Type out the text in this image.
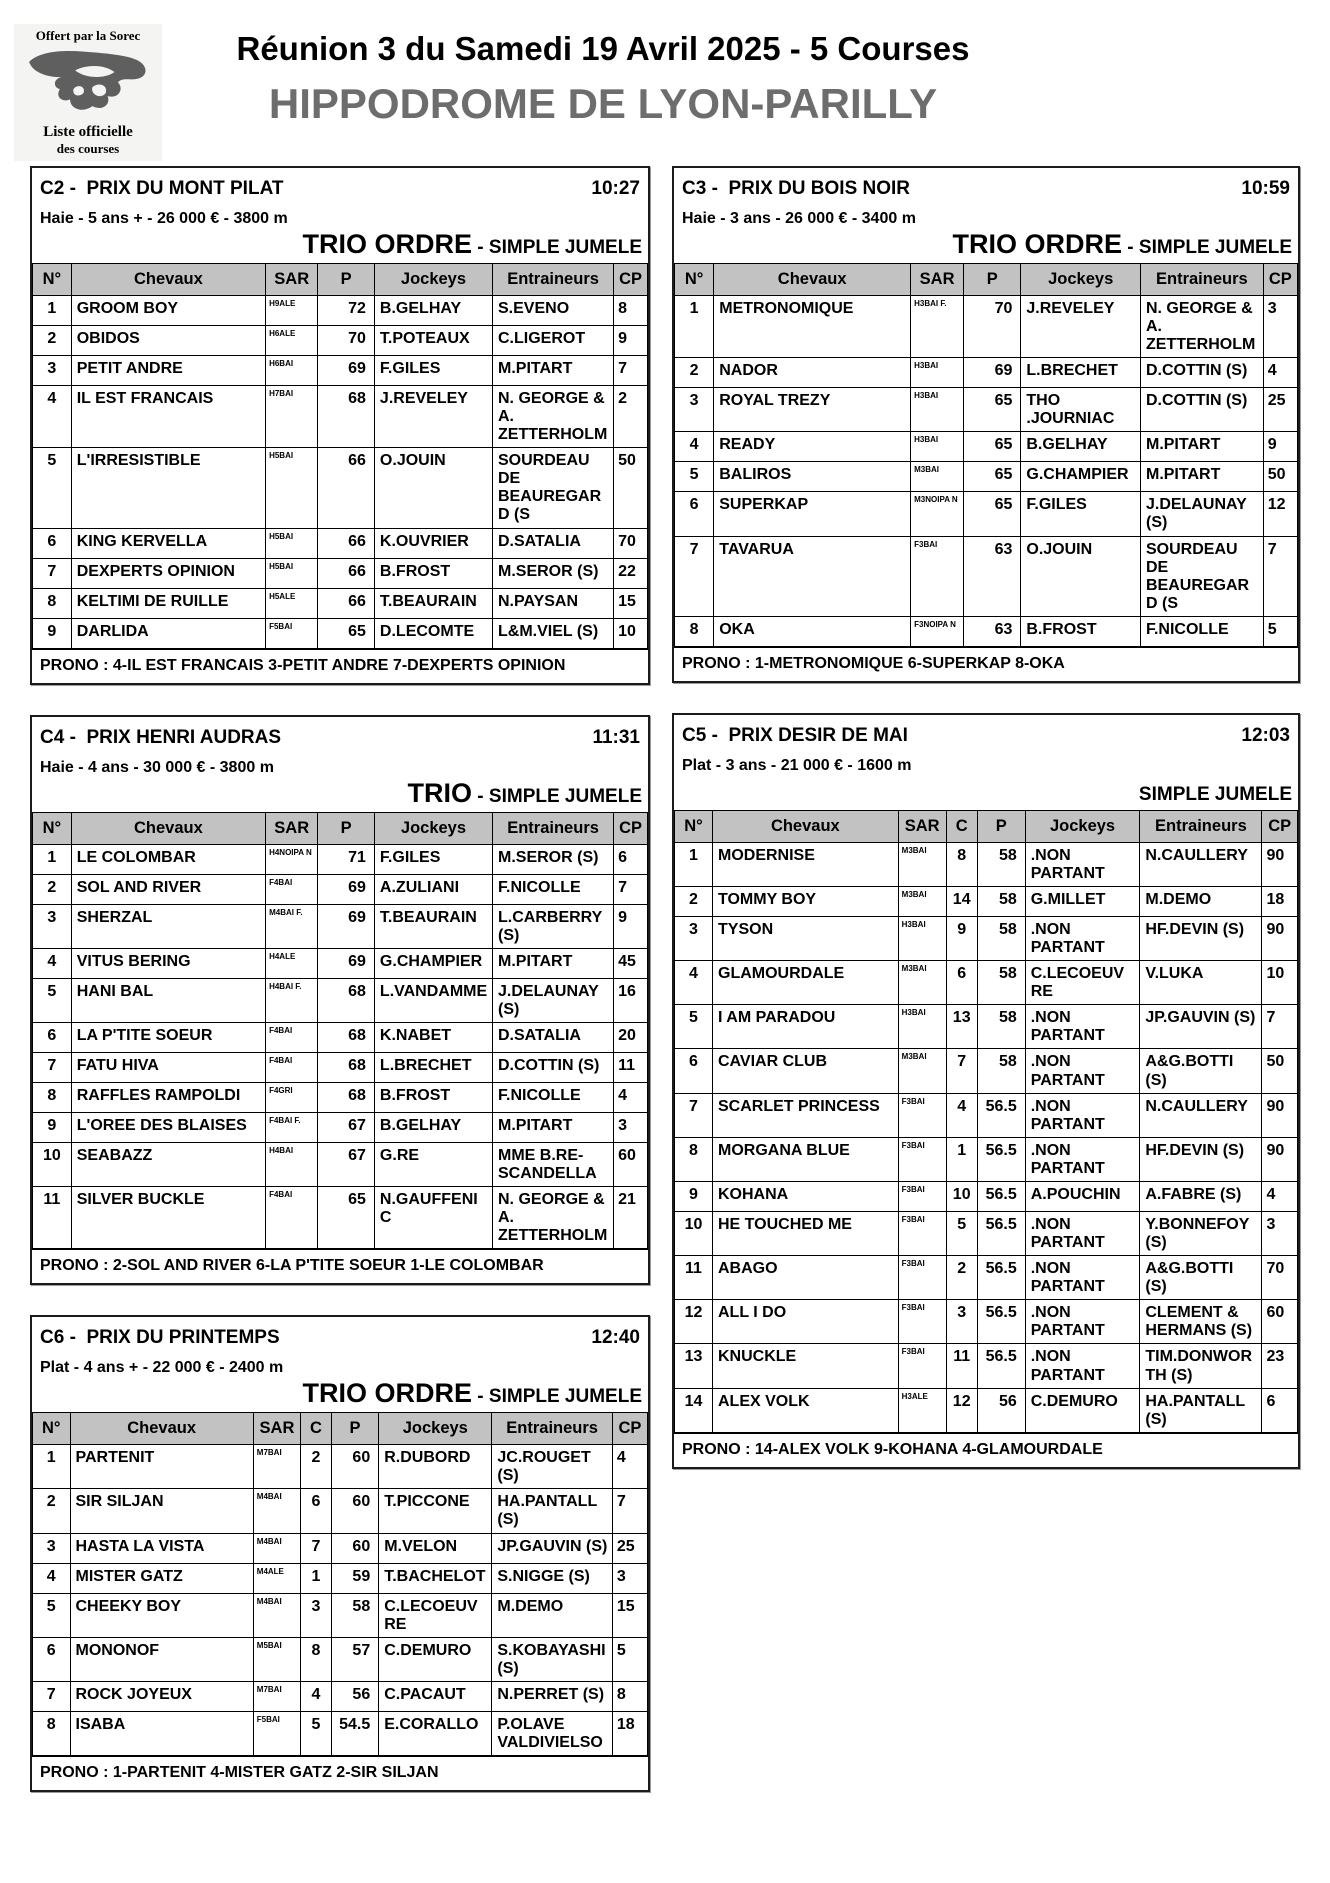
Offert par la Sorec
Liste officielle
des courses
Réunion 3 du Samedi 19 Avril 2025 - 5 Courses
HIPPODROME DE LYON-PARILLY
C2 -  PRIX DU MONT PILAT	10:27
Haie - 5 ans + - 26 000 € - 3800 m
TRIO ORDRE - SIMPLE JUMELE
N°	Chevaux	SAR	P	Jockeys	Entraineurs	CP
1	GROOM BOY	H9ALE	72	B.GELHAY	S.EVENO	8
2	OBIDOS	H6ALE	70	T.POTEAUX	C.LIGEROT	9
3	PETIT ANDRE	H6BAI	69	F.GILES	M.PITART	7
4	IL EST FRANCAIS	H7BAI	68	J.REVELEY	N. GEORGE & A. ZETTERHOLM	2
5	L'IRRESISTIBLE	H5BAI	66	O.JOUIN	SOURDEAU DE BEAUREGARD (S	50
6	KING KERVELLA	H5BAI	66	K.OUVRIER	D.SATALIA	70
7	DEXPERTS OPINION	H5BAI	66	B.FROST	M.SEROR (S)	22
8	KELTIMI DE RUILLE	H5ALE	66	T.BEAURAIN	N.PAYSAN	15
9	DARLIDA	F5BAI	65	D.LECOMTE	L&M.VIEL (S)	10
PRONO : 4-IL EST FRANCAIS 3-PETIT ANDRE 7-DEXPERTS OPINION
C4 -  PRIX HENRI AUDRAS	11:31
Haie - 4 ans - 30 000 € - 3800 m
TRIO - SIMPLE JUMELE
N°	Chevaux	SAR	P	Jockeys	Entraineurs	CP
1	LE COLOMBAR	H4NOIPA N	71	F.GILES	M.SEROR (S)	6
2	SOL AND RIVER	F4BAI	69	A.ZULIANI	F.NICOLLE	7
3	SHERZAL	M4BAI F.	69	T.BEAURAIN	L.CARBERRY (S)	9
4	VITUS BERING	H4ALE	69	G.CHAMPIER	M.PITART	45
5	HANI BAL	H4BAI F.	68	L.VANDAMME	J.DELAUNAY (S)	16
6	LA P'TITE SOEUR	F4BAI	68	K.NABET	D.SATALIA	20
7	FATU HIVA	F4BAI	68	L.BRECHET	D.COTTIN (S)	11
8	RAFFLES RAMPOLDI	F4GRI	68	B.FROST	F.NICOLLE	4
9	L'OREE DES BLAISES	F4BAI F.	67	B.GELHAY	M.PITART	3
10	SEABAZZ	H4BAI	67	G.RE	MME B.RE-SCANDELLA	60
11	SILVER BUCKLE	F4BAI	65	N.GAUFFENIC	N. GEORGE & A. ZETTERHOLM	21
PRONO : 2-SOL AND RIVER 6-LA P'TITE SOEUR 1-LE COLOMBAR
C6 -  PRIX DU PRINTEMPS	12:40
Plat - 4 ans + - 22 000 € - 2400 m
TRIO ORDRE - SIMPLE JUMELE
N°	Chevaux	SAR	C	P	Jockeys	Entraineurs	CP
1	PARTENIT	M7BAI	2	60	R.DUBORD	JC.ROUGET (S)	4
2	SIR SILJAN	M4BAI	6	60	T.PICCONE	HA.PANTALL (S)	7
3	HASTA LA VISTA	M4BAI	7	60	M.VELON	JP.GAUVIN (S)	25
4	MISTER GATZ	M4ALE	1	59	T.BACHELOT	S.NIGGE (S)	3
5	CHEEKY BOY	M4BAI	3	58	C.LECOEUVRE	M.DEMO	15
6	MONONOF	M5BAI	8	57	C.DEMURO	S.KOBAYASHI (S)	5
7	ROCK JOYEUX	M7BAI	4	56	C.PACAUT	N.PERRET (S)	8
8	ISABA	F5BAI	5	54.5	E.CORALLO	P.OLAVE VALDIVIELSO	18
PRONO : 1-PARTENIT 4-MISTER GATZ 2-SIR SILJAN
C3 -  PRIX DU BOIS NOIR	10:59
Haie - 3 ans - 26 000 € - 3400 m
TRIO ORDRE - SIMPLE JUMELE
N°	Chevaux	SAR	P	Jockeys	Entraineurs	CP
1	METRONOMIQUE	H3BAI F.	70	J.REVELEY	N. GEORGE & A. ZETTERHOLM	3
2	NADOR	H3BAI	69	L.BRECHET	D.COTTIN (S)	4
3	ROYAL TREZY	H3BAI	65	THO .JOURNIAC	D.COTTIN (S)	25
4	READY	H3BAI	65	B.GELHAY	M.PITART	9
5	BALIROS	M3BAI	65	G.CHAMPIER	M.PITART	50
6	SUPERKAP	M3NOIPA N	65	F.GILES	J.DELAUNAY (S)	12
7	TAVARUA	F3BAI	63	O.JOUIN	SOURDEAU DE BEAUREGARD (S	7
8	OKA	F3NOIPA N	63	B.FROST	F.NICOLLE	5
PRONO : 1-METRONOMIQUE 6-SUPERKAP 8-OKA
C5 -  PRIX DESIR DE MAI	12:03
Plat - 3 ans - 21 000 € - 1600 m
SIMPLE JUMELE
N°	Chevaux	SAR	C	P	Jockeys	Entraineurs	CP
1	MODERNISE	M3BAI	8	58	.NON PARTANT	N.CAULLERY	90
2	TOMMY BOY	M3BAI	14	58	G.MILLET	M.DEMO	18
3	TYSON	H3BAI	9	58	.NON PARTANT	HF.DEVIN (S)	90
4	GLAMOURDALE	M3BAI	6	58	C.LECOEUVRE	V.LUKA	10
5	I AM PARADOU	H3BAI	13	58	.NON PARTANT	JP.GAUVIN (S)	7
6	CAVIAR CLUB	M3BAI	7	58	.NON PARTANT	A&G.BOTTI (S)	50
7	SCARLET PRINCESS	F3BAI	4	56.5	.NON PARTANT	N.CAULLERY	90
8	MORGANA BLUE	F3BAI	1	56.5	.NON PARTANT	HF.DEVIN (S)	90
9	KOHANA	F3BAI	10	56.5	A.POUCHIN	A.FABRE (S)	4
10	HE TOUCHED ME	F3BAI	5	56.5	.NON PARTANT	Y.BONNEFOY (S)	3
11	ABAGO	F3BAI	2	56.5	.NON PARTANT	A&G.BOTTI (S)	70
12	ALL I DO	F3BAI	3	56.5	.NON PARTANT	CLEMENT & HERMANS (S)	60
13	KNUCKLE	F3BAI	11	56.5	.NON PARTANT	TIM.DONWORTH (S)	23
14	ALEX VOLK	H3ALE	12	56	C.DEMURO	HA.PANTALL (S)	6
PRONO : 14-ALEX VOLK 9-KOHANA 4-GLAMOURDALE
